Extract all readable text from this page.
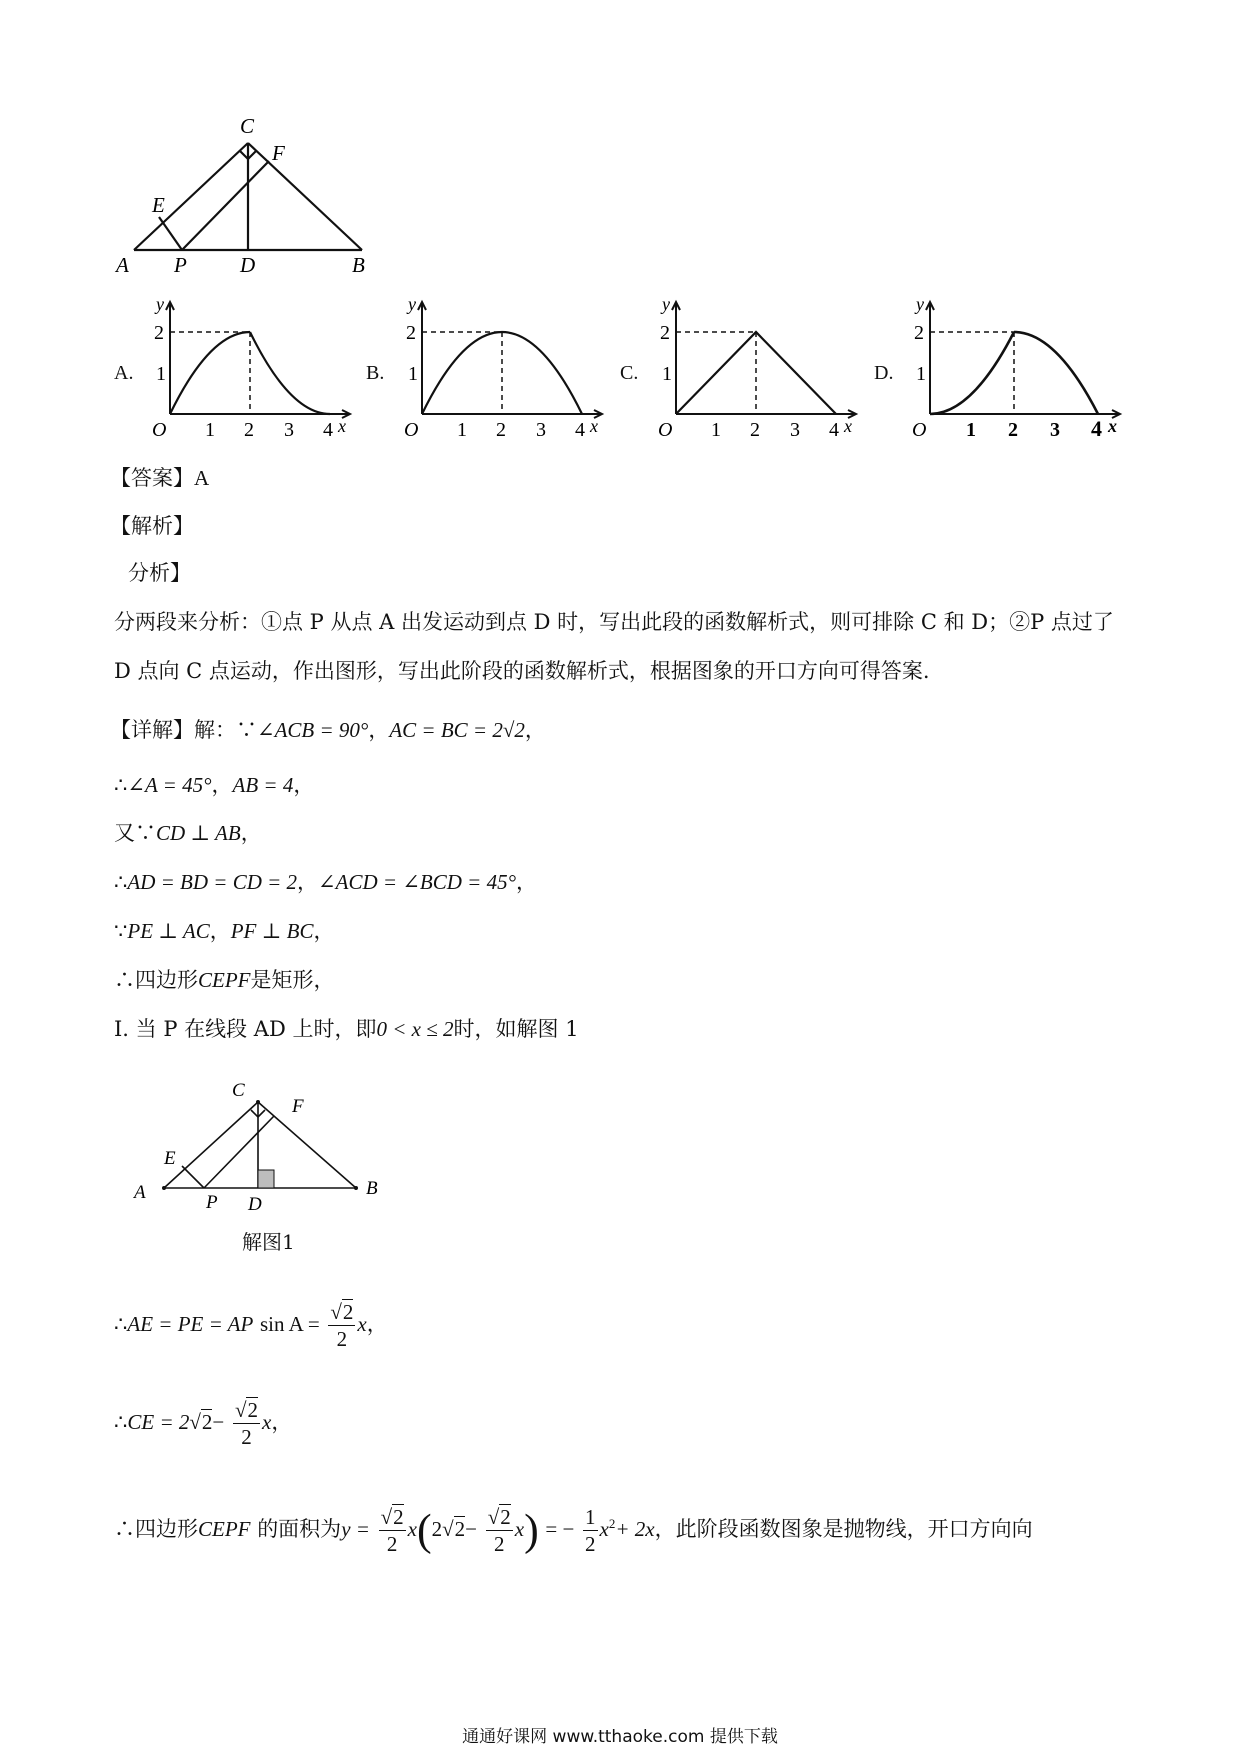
C
F
E
A P	D	B
A.	B.	C.	D.
y
2
1
O 1 2 3 4 x
y
2
1
O 1 2 3 4 x
y
2
1
O 1 2 3 4 x
y
2
1
O 1 2 3 4 x
【答案】A
【解析】
分析】
分两段来分析：①点 P 从点 A 出发运动到点 D 时，写出此段的函数解析式，则可排除 C 和 D；②P 点过了
D 点向 C 点运动，作出图形，写出此阶段的函数解析式，根据图象的开口方向可得答案.
【详解】解：∵∠ACB = 90°，AC = BC = 2√2，
∴∠A = 45°，AB = 4，
又∵CD ⊥ AB，
∴AD = BD = CD = 2，∠ACD = ∠BCD = 45°，
∵PE ⊥ AC，PF ⊥ BC，
∴四边形CEPF是矩形，
I. 当 P 在线段 AD 上时，即0 < x ≤ 2时，如解图 1
C
F
E
A	P D
B
解图1
∴AE = PE = AP $\sin A = \frac{√2}{2}$ x，
∴CE = $2√2- \frac{√2}{2}$ x，
∴四边形CEPF 的面积为$y = \frac{√2}{2} x(2√2- \frac{√2}{2} x)$ = − $\frac{1}{2} x^2+ 2x$，此阶段函数图象是抛物线，开口方向向
通通好课网 www.tthaoke.com 提供下载
